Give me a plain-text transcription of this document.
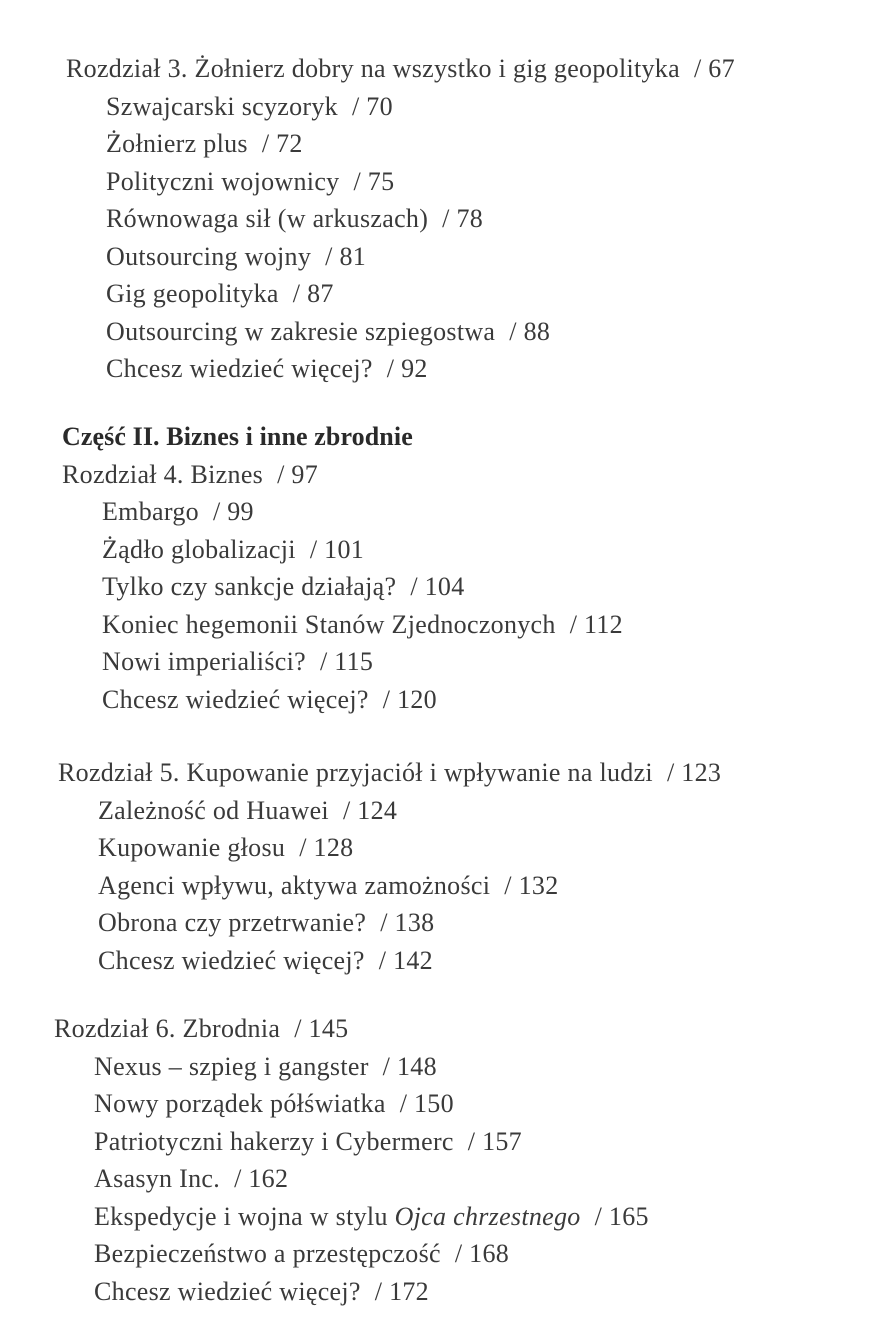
Rozdział 3. Żołnierz dobry na wszystko i gig geopolityka / 67
Szwajcarski scyzoryk / 70
Żołnierz plus / 72
Polityczni wojownicy / 75
Równowaga sił (w arkuszach) / 78
Outsourcing wojny / 81
Gig geopolityka / 87
Outsourcing w zakresie szpiegostwa / 88
Chcesz wiedzieć więcej? / 92
Część II. Biznes i inne zbrodnie
Rozdział 4. Biznes / 97
Embargo / 99
Żądło globalizacji / 101
Tylko czy sankcje działają? / 104
Koniec hegemonii Stanów Zjednoczonych / 112
Nowi imperialiści? / 115
Chcesz wiedzieć więcej? / 120
Rozdział 5. Kupowanie przyjaciół i wpływanie na ludzi / 123
Zależność od Huawei / 124
Kupowanie głosu / 128
Agenci wpływu, aktywa zamożności / 132
Obrona czy przetrwanie? / 138
Chcesz wiedzieć więcej? / 142
Rozdział 6. Zbrodnia / 145
Nexus – szpieg i gangster / 148
Nowy porządek półświatka / 150
Patriotyczni hakerzy i Cybermerc / 157
Asasyn Inc. / 162
Ekspedycje i wojna w stylu Ojca chrzestnego / 165
Bezpieczeństwo a przestępczość / 168
Chcesz wiedzieć więcej? / 172
